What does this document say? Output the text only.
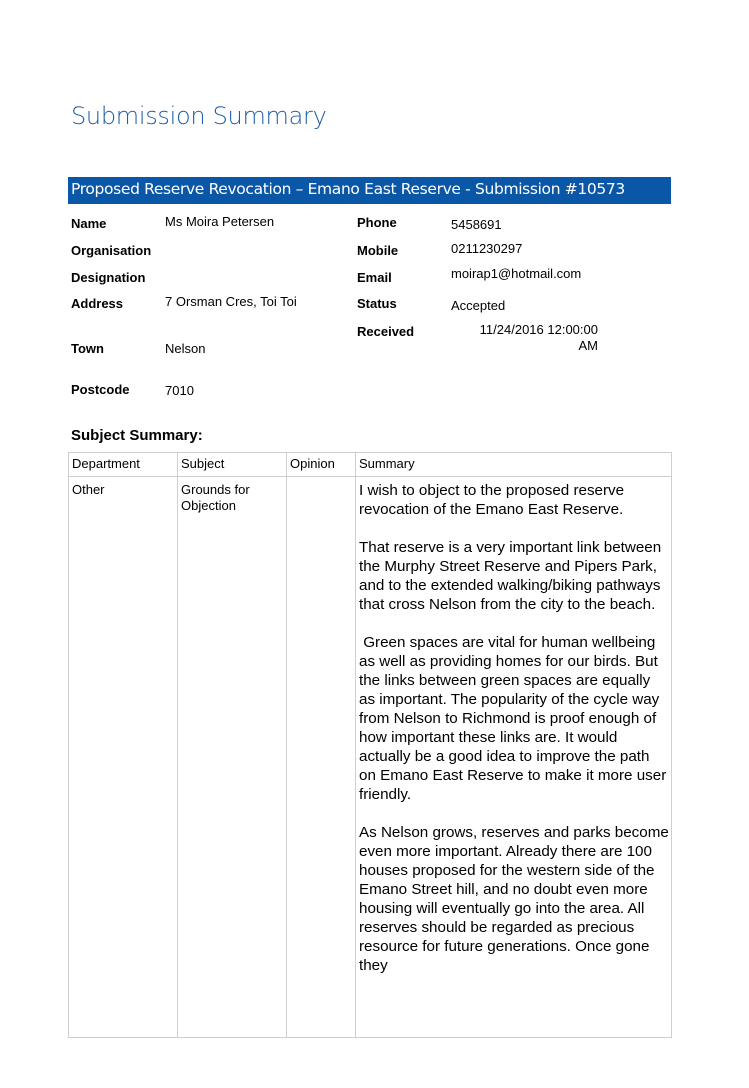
Submission Summary
Proposed Reserve Revocation – Emano East Reserve - Submission #10573
Name	Ms Moira Petersen
Organisation
Designation
Address	7 Orsman Cres, Toi Toi
Town	Nelson
Postcode	7010
Phone	5458691
Mobile	0211230297
Email	moirap1@hotmail.com
Status	Accepted
Received	11/24/2016 12:00:00
AM
Subject Summary:
Department	Subject	Opinion	Summary

Other	Grounds for Objection		I wish to object to the proposed reserve revocation of the Emano East Reserve.

That reserve is a very important link between the Murphy Street Reserve and Pipers Park, and to the extended walking/biking pathways that cross Nelson from the city to the beach.

Green spaces are vital for human wellbeing as well as providing homes for our birds. But the links between green spaces are equally as important. The popularity of the cycle way from Nelson to Richmond is proof enough of how important these links are. It would actually be a good idea to improve the path on Emano East Reserve to make it more user friendly.

As Nelson grows, reserves and parks become even more important. Already there are 100 houses proposed for the western side of the Emano Street hill, and no doubt even more housing will eventually go into the area. All reserves should be regarded as precious resource for future generations. Once gone they
